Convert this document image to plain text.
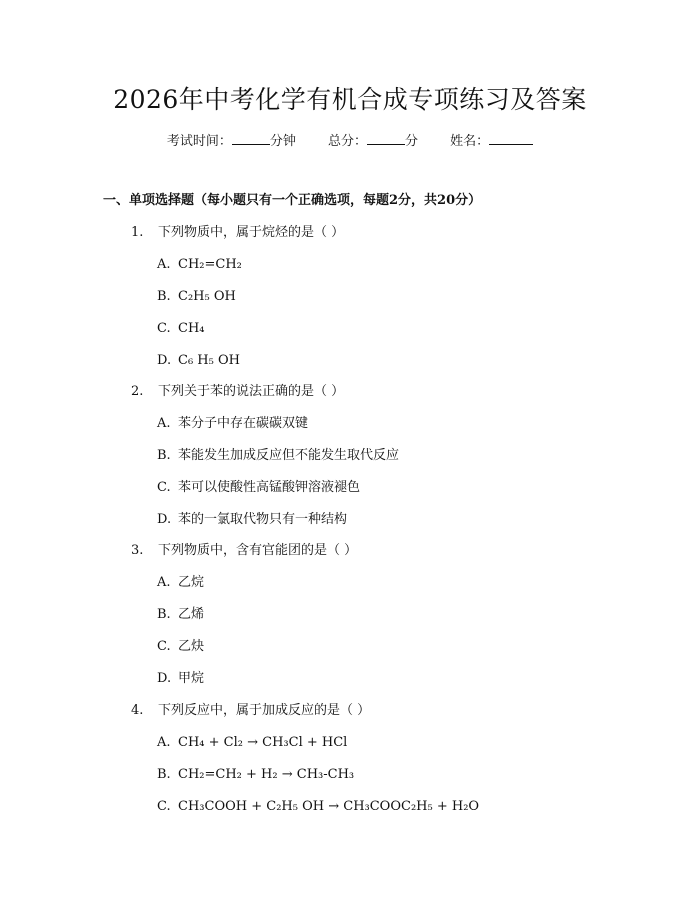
2026年中考化学有机合成专项练习及答案
考试时间：	分钟 总分：	分 姓名：
一、单项选择题（每小题只有一个正确选项，每题2分，共20分）
1. 下列物质中，属于烷烃的是（ ）
A. CH₂=CH₂
B. C₂H₅ OH
C. CH₄
D. C₆ H₅ OH
2. 下列关于苯的说法正确的是（ ）
A. 苯分子中存在碳碳双键
B. 苯能发生加成反应但不能发生取代反应
C. 苯可以使酸性高锰酸钾溶液褪色
D. 苯的一氯取代物只有一种结构
3. 下列物质中，含有官能团的是（ ）
A. 乙烷
B. 乙烯
C. 乙炔
D. 甲烷
4. 下列反应中，属于加成反应的是（ ）
A. CH₄ + Cl₂ → CH₃Cl + HCl
B. CH₂=CH₂ + H₂ → CH₃-CH₃
C. CH₃COOH + C₂H₅ OH → CH₃COOC₂H₅ + H₂O
